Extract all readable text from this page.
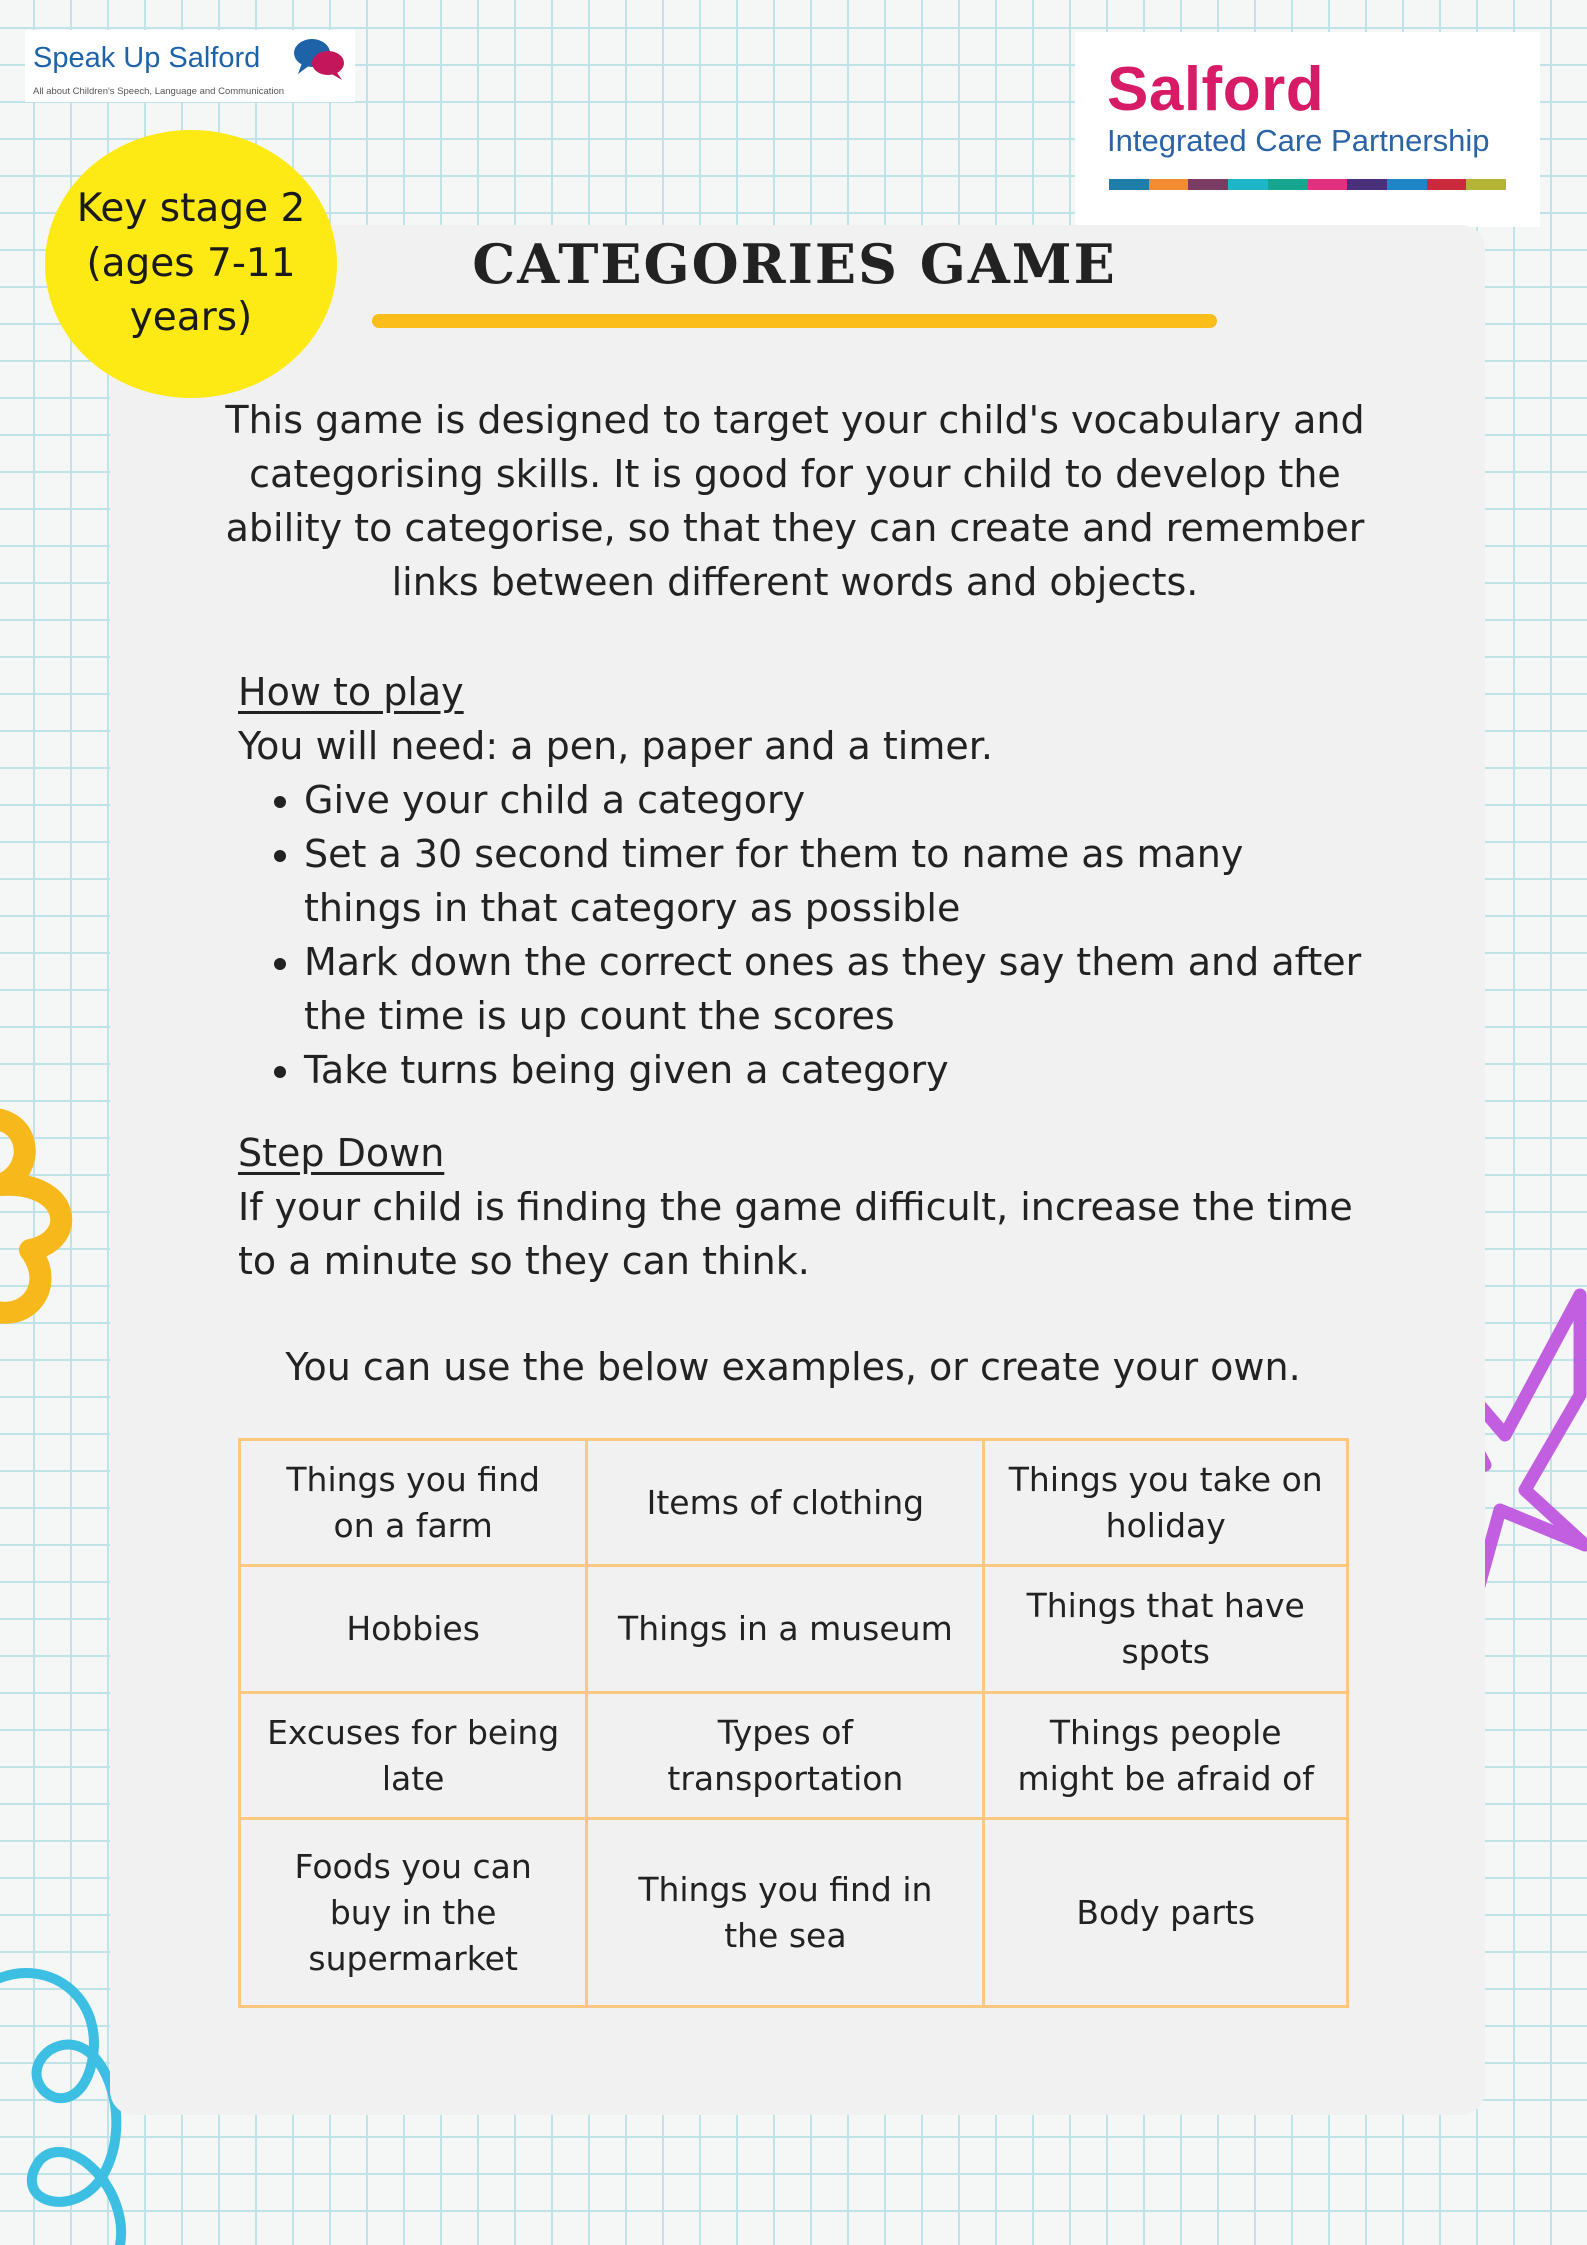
Speak Up Salford
All about Children's Speech, Language and Communication	Salford
Integrated Care Partnership
Key stage 2
(ages 7-11
years)
CATEGORIES GAME

This game is designed to target your child's vocabulary and categorising skills. It is good for your child to develop the ability to categorise, so that they can create and remember links between different words and objects.

How to play
You will need: a pen, paper and a timer.
• Give your child a category
• Set a 30 second timer for them to name as many things in that category as possible
• Mark down the correct ones as they say them and after the time is up count the scores
• Take turns being given a category
Step Down
If your child is finding the game difficult, increase the time to a minute so they can think.
You can use the below examples, or create your own.
Things you find on a farm	Items of clothing	Things you take on holiday
Hobbies	Things in a museum	Things that have spots
Excuses for being late	Types of transportation	Things people might be afraid of
Foods you can buy in the supermarket	Things you find in the sea	Body parts
